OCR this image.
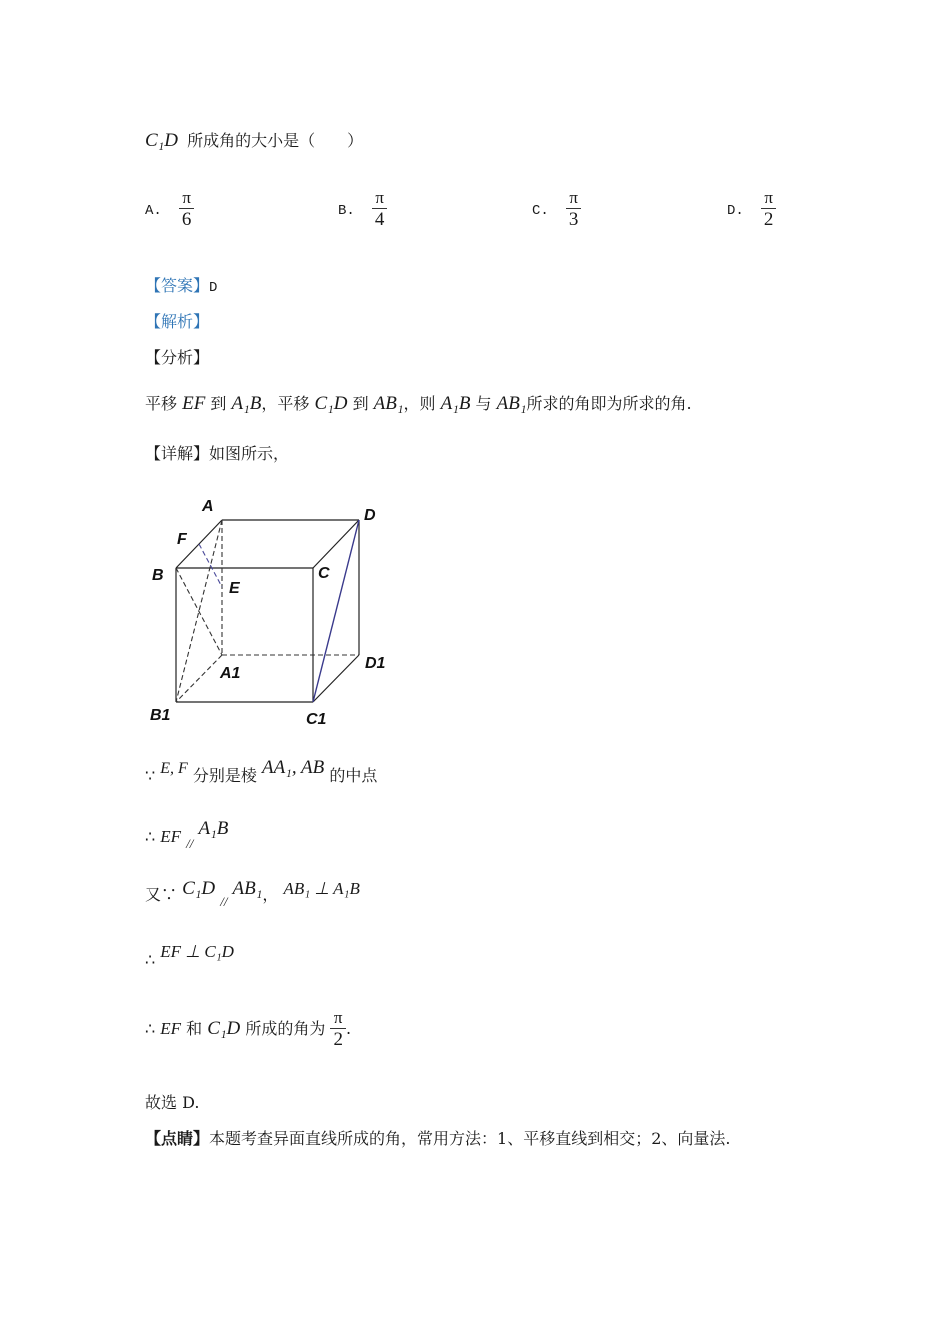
C₁D 所成角的大小是（　　）
A. $\frac{\pi}{6}$	B. $\frac{\pi}{4}$	C. $\frac{\pi}{3}$	D. $\frac{\pi}{2}$
【答案】D
【解析】
【分析】
平移 EF 到 A₁B，平移 C₁D 到 AB₁，则 A₁B 与 AB₁所求的角即为所求的角.
【详解】如图所示，
A
F
B
E
C
D
A1
D1
B1	C1
∵ E, F 分别是棱 AA₁, AB 的中点
∴ EF $_{//}$ A₁B
又∵ C₁D $_{//}$ AB₁， AB₁ ⊥ A₁B
∴ EF ⊥ C₁D
∴ EF 和 C₁D 所成的角为 $\frac{\pi}{2}$ .
故选 D.
【点睛】本题考查异面直线所成的角，常用方法：1、平移直线到相交；2、向量法.
